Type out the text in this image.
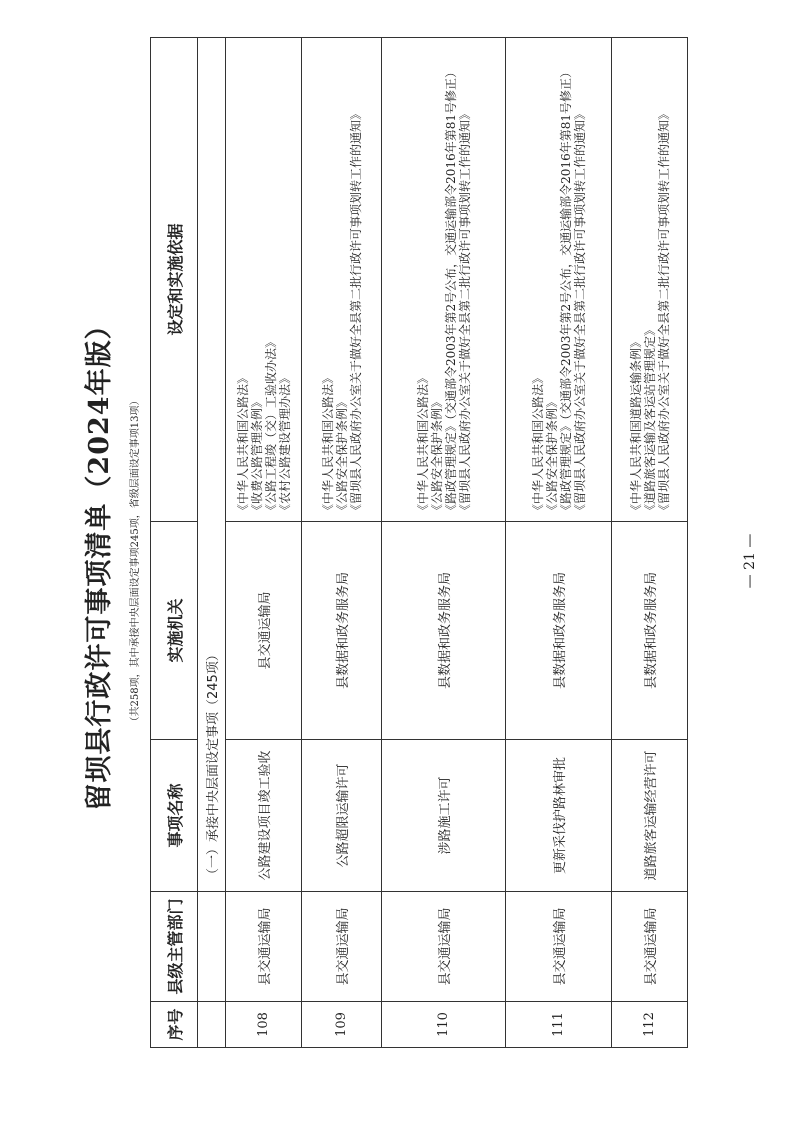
留坝县行政许可事项清单（2024年版）	（共258项，其中承接中央层面设定事项245项，省级层面设定事项13项）
序号	县级主管部门	事项名称	实施机关	设定和实施依据
		（一）承接中央层面设定事项（245项）		
108	县交通运输局	公路建设项目竣工验收	县交通运输局	《中华人民共和国公路法》 《收费公路管理条例》 《公路工程竣（交）工验收办法》 《农村公路建设管理办法》

109	县交通运输局	公路超限运输许可	县数据和政务服务局	《中华人民共和国公路法》 《公路安全保护条例》 《留坝县人民政府办公室关于做好全县第二批行政许可事项划转工作的通知》

110	县交通运输局	涉路施工许可	县数据和政务服务局	《中华人民共和国公路法》 《公路安全保护条例》 《路政管理规定》（交通部令2003年第2号公布，交通运输部令2016年第81号修正） 《留坝县人民政府办公室关于做好全县第二批行政许可事项划转工作的通知》

111	县交通运输局	更新采伐护路林审批	县数据和政务服务局	《中华人民共和国公路法》 《公路安全保护条例》 《路政管理规定》（交通部令2003年第2号公布，交通运输部令2016年第81号修正） 《留坝县人民政府办公室关于做好全县第二批行政许可事项划转工作的通知》

112	县交通运输局	道路旅客运输经营许可	县数据和政务服务局	《中华人民共和国道路运输条例》 《道路旅客运输及客运站管理规定》 《留坝县人民政府办公室关于做好全县第二批行政许可事项划转工作的通知》
— 21 —
